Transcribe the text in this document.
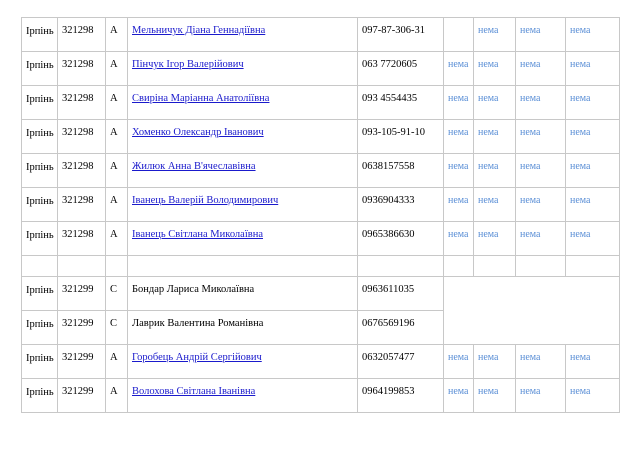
Ірпінь	321298	А	Мельничук Діана Геннадіївна	097-87-306-31		нема	нема	нема
Ірпінь	321298	А	Пінчук Ігор Валерійович	063 7720605	нема	нема	нема	нема
Ірпінь	321298	А	Свиріна Маріанна Анатоліївна	093 4554435	нема	нема	нема	нема
Ірпінь	321298	А	Хоменко Олександр Іванович	093-105-91-10	нема	нема	нема	нема
Ірпінь	321298	А	Жилюк Анна В'ячеславівна	0638157558	нема	нема	нема	нема
Ірпінь	321298	А	Іванець Валерій Володимирович	0936904333	нема	нема	нема	нема
Ірпінь	321298	А	Іванець Світлана Миколаївна	0965386630	нема	нема	нема	нема

Ірпінь	321299	С	Бондар Лариса Миколаївна	0963611035				
Ірпінь	321299	С	Лаврик Валентина Романівна	0676569196				
Ірпінь	321299	А	Горобець Андрій Сергійович	0632057477	нема	нема	нема	нема
Ірпінь	321299	А	Волохова Світлана Іванівна	0964199853	нема	нема	нема	нема
